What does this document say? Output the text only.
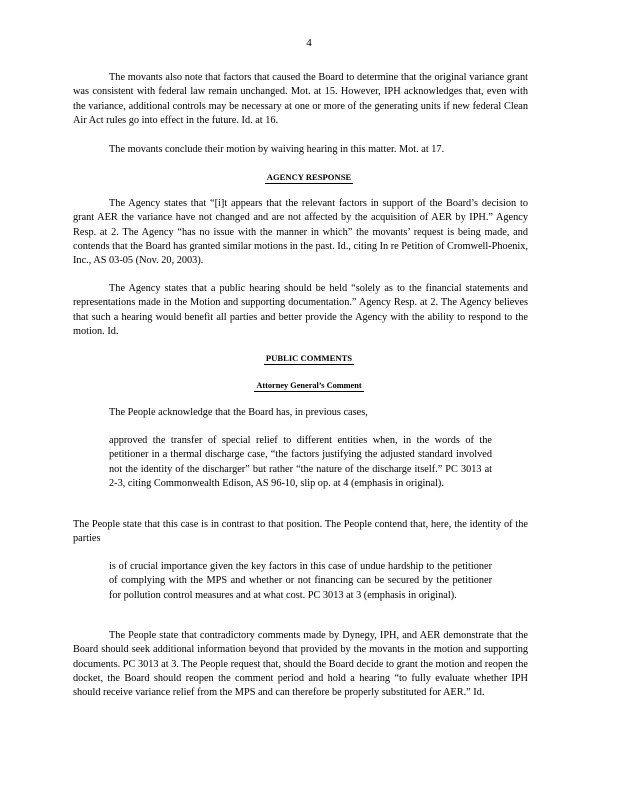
4

The movants also note that factors that caused the Board to determine that the original variance grant was consistent with federal law remain unchanged. Mot. at 15. However, IPH acknowledges that, even with the variance, additional controls may be necessary at one or more of the generating units if new federal Clean Air Act rules go into effect in the future. Id. at 16.

The movants conclude their motion by waiving hearing in this matter. Mot. at 17.

AGENCY RESPONSE

The Agency states that “[i]t appears that the relevant factors in support of the Board’s decision to grant AER the variance have not changed and are not affected by the acquisition of AER by IPH.” Agency Resp. at 2. The Agency “has no issue with the manner in which” the movants’ request is being made, and contends that the Board has granted similar motions in the past. Id., citing In re Petition of Cromwell-Phoenix, Inc., AS 03-05 (Nov. 20, 2003).

The Agency states that a public hearing should be held “solely as to the financial statements and representations made in the Motion and supporting documentation.” Agency Resp. at 2. The Agency believes that such a hearing would benefit all parties and better provide the Agency with the ability to respond to the motion. Id.

PUBLIC COMMENTS
Attorney General’s Comment

The People acknowledge that the Board has, in previous cases,

approved the transfer of special relief to different entities when, in the words of the petitioner in a thermal discharge case, “the factors justifying the adjusted standard involved not the identity of the discharger” but rather “the nature of the discharge itself.” PC 3013 at 2-3, citing Commonwealth Edison, AS 96-10, slip op. at 4 (emphasis in original).

The People state that this case is in contrast to that position. The People contend that, here, the identity of the parties

is of crucial importance given the key factors in this case of undue hardship to the petitioner of complying with the MPS and whether or not financing can be secured by the petitioner for pollution control measures and at what cost. PC 3013 at 3 (emphasis in original).

The People state that contradictory comments made by Dynegy, IPH, and AER demonstrate that the Board should seek additional information beyond that provided by the movants in the motion and supporting documents. PC 3013 at 3. The People request that, should the Board decide to grant the motion and reopen the docket, the Board should reopen the comment period and hold a hearing “to fully evaluate whether IPH should receive variance relief from the MPS and can therefore be properly substituted for AER.” Id.
